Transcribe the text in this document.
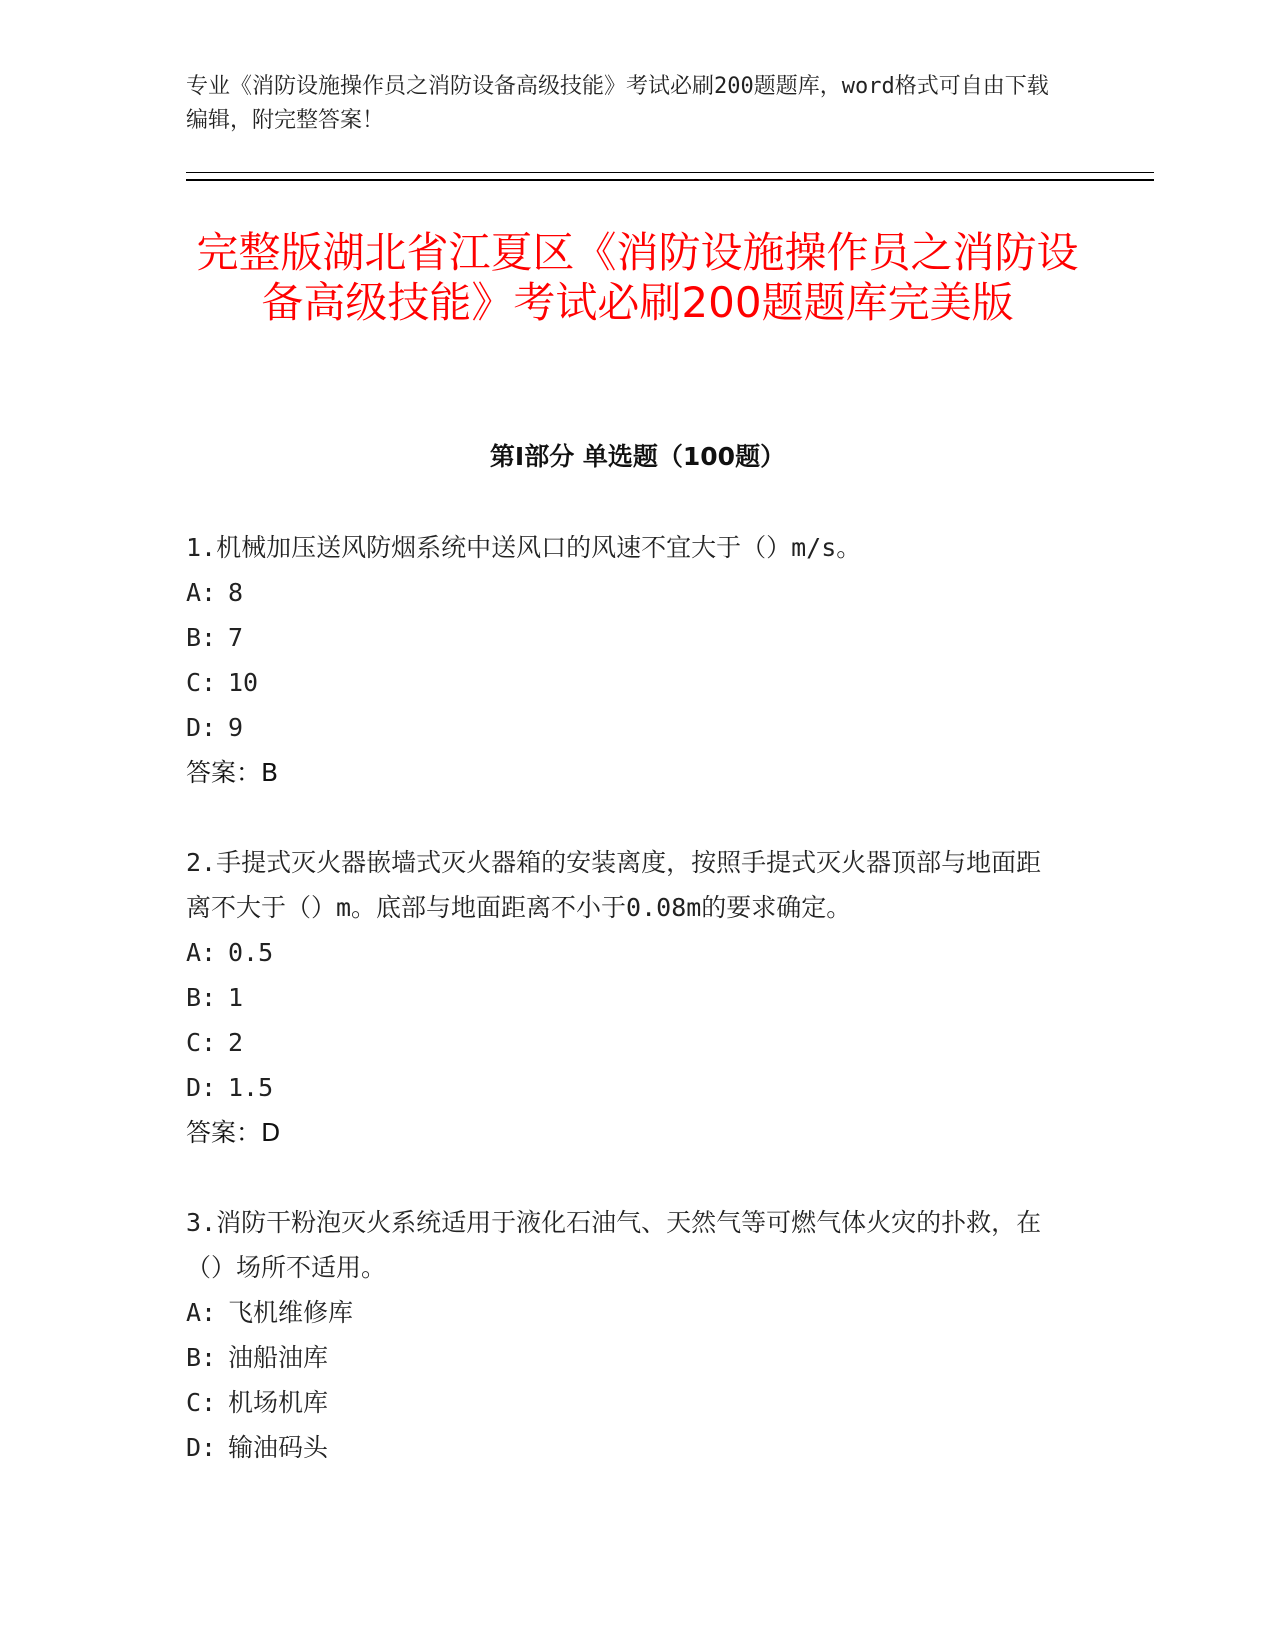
专业《消防设施操作员之消防设备高级技能》考试必刷200题题库，word格式可自由下载编辑，附完整答案！
完整版湖北省江夏区《消防设施操作员之消防设备高级技能》考试必刷200题题库完美版
第I部分 单选题（100题）
1.机械加压送风防烟系统中送风口的风速不宜大于（）m/s。
A: 8
B: 7
C: 10
D: 9
答案：B
2.手提式灭火器嵌墙式灭火器箱的安装离度，按照手提式灭火器顶部与地面距离不大于（）m。底部与地面距离不小于0.08m的要求确定。
A: 0.5
B: 1
C: 2
D: 1.5
答案：D
3.消防干粉泡灭火系统适用于液化石油气、天然气等可燃气体火灾的扑救，在（）场所不适用。
A: 飞机维修库
B: 油船油库
C: 机场机库
D: 输油码头
